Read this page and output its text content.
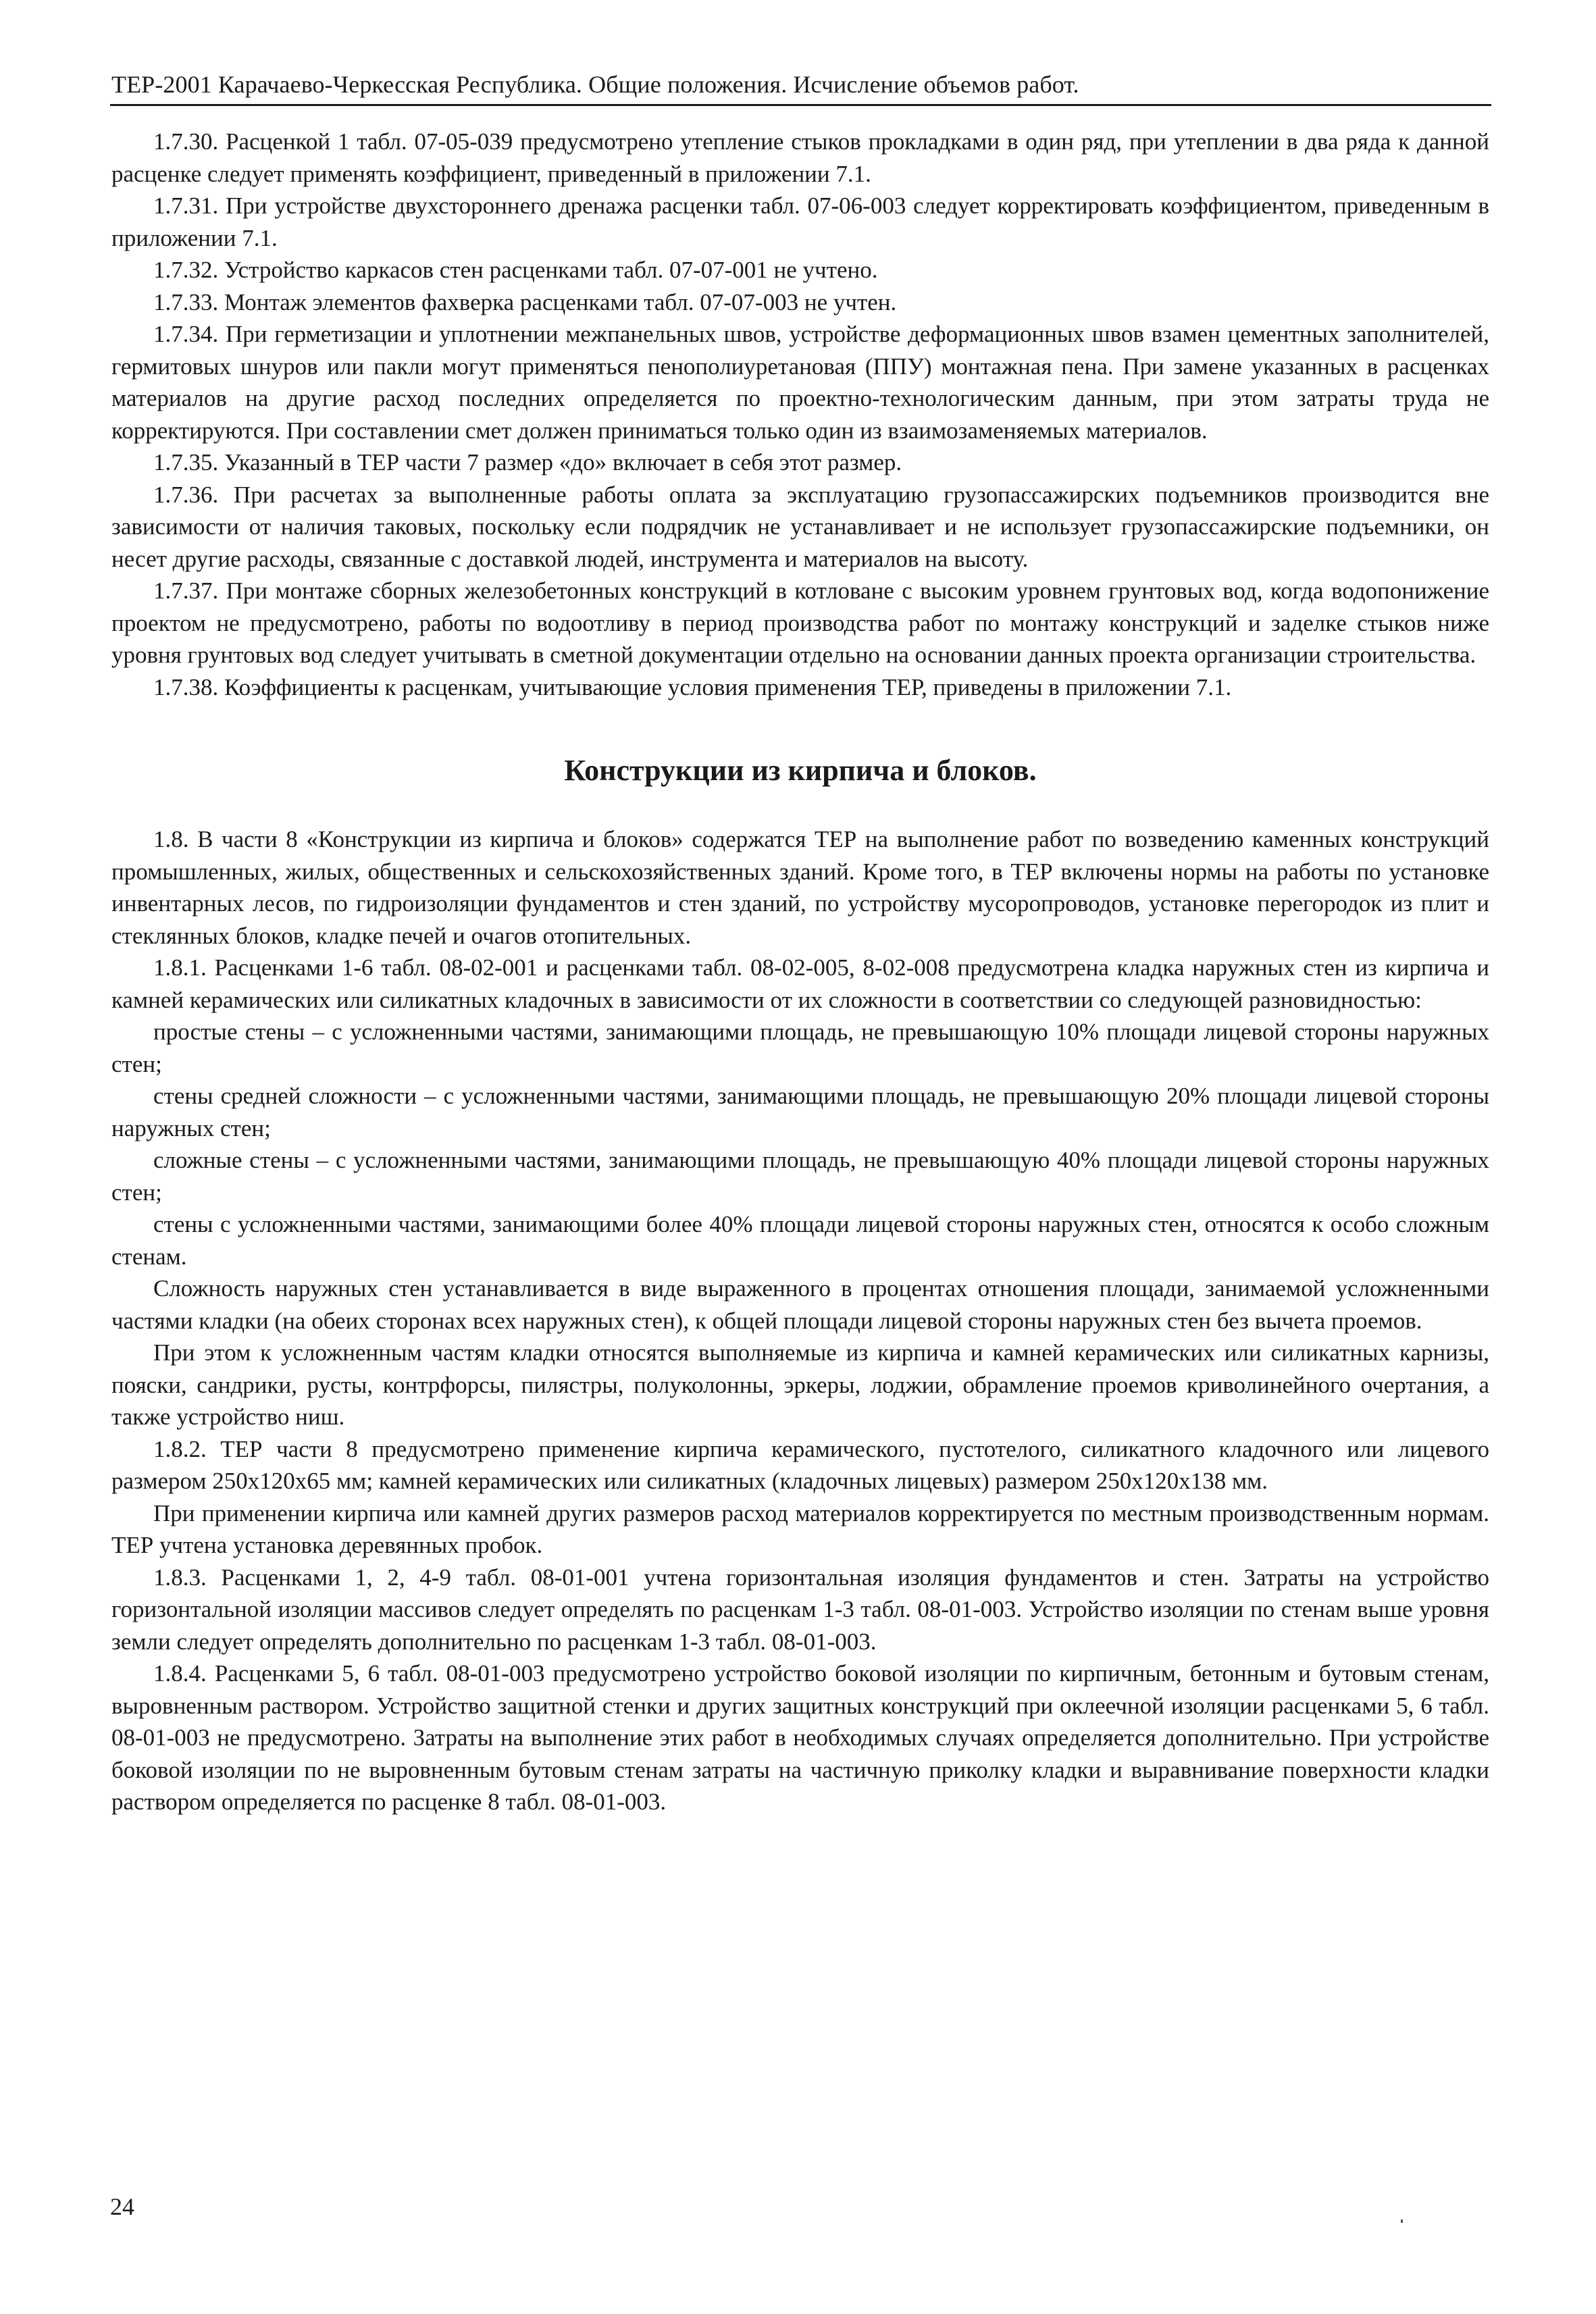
ТЕР-2001 Карачаево-Черкесская Республика. Общие положения. Исчисление объемов работ.

1.7.30. Расценкой 1 табл. 07-05-039 предусмотрено утепление стыков прокладками в один ряд, при утеплении в два ряда к данной расценке следует применять коэффициент, приведенный в приложении 7.1.

1.7.31. При устройстве двухстороннего дренажа расценки табл. 07-06-003 следует корректировать коэффициентом, приведенным в приложении 7.1.

1.7.32. Устройство каркасов стен расценками табл. 07-07-001 не учтено.

1.7.33. Монтаж элементов фахверка расценками табл. 07-07-003 не учтен.

1.7.34. При герметизации и уплотнении межпанельных швов, устройстве деформационных швов взамен цементных заполнителей, гермитовых шнуров или пакли могут применяться пенополиуретановая (ППУ) монтажная пена. При замене указанных в расценках материалов на другие расход последних определяется по проектно-технологическим данным, при этом затраты труда не корректируются. При составлении смет должен приниматься только один из взаимозаменяемых материалов.

1.7.35. Указанный в ТЕР части 7 размер «до» включает в себя этот размер.

1.7.36. При расчетах за выполненные работы оплата за эксплуатацию грузопассажирских подъемников производится вне зависимости от наличия таковых, поскольку если подрядчик не устанавливает и не использует грузопассажирские подъемники, он несет другие расходы, связанные с доставкой людей, инструмента и материалов на высоту.

1.7.37. При монтаже сборных железобетонных конструкций в котловане с высоким уровнем грунтовых вод, когда водопонижение проектом не предусмотрено, работы по водоотливу в период производства работ по монтажу конструкций и заделке стыков ниже уровня грунтовых вод следует учитывать в сметной документации отдельно на основании данных проекта организации строительства.

1.7.38. Коэффициенты к расценкам, учитывающие условия применения ТЕР, приведены в приложении 7.1.

Конструкции из кирпича и блоков.

1.8. В части 8 «Конструкции из кирпича и блоков» содержатся ТЕР на выполнение работ по возведению каменных конструкций промышленных, жилых, общественных и сельскохозяйственных зданий. Кроме того, в ТЕР включены нормы на работы по установке инвентарных лесов, по гидроизоляции фундаментов и стен зданий, по устройству мусоропроводов, установке перегородок из плит и стеклянных блоков, кладке печей и очагов отопительных.

1.8.1. Расценками 1-6 табл. 08-02-001 и расценками табл. 08-02-005, 8-02-008 предусмотрена кладка наружных стен из кирпича и камней керамических или силикатных кладочных в зависимости от их сложности в соответствии со следующей разновидностью:

простые стены – с усложненными частями, занимающими площадь, не превышающую 10% площади лицевой стороны наружных стен;

стены средней сложности – с усложненными частями, занимающими площадь, не превышающую 20% площади лицевой стороны наружных стен;

сложные стены – с усложненными частями, занимающими площадь, не превышающую 40% площади лицевой стороны наружных стен;

стены с усложненными частями, занимающими более 40% площади лицевой стороны наружных стен, относятся к особо сложным стенам.

Сложность наружных стен устанавливается в виде выраженного в процентах отношения площади, занимаемой усложненными частями кладки (на обеих сторонах всех наружных стен), к общей площади лицевой стороны наружных стен без вычета проемов.

При этом к усложненным частям кладки относятся выполняемые из кирпича и камней керамических или силикатных карнизы, пояски, сандрики, русты, контрфорсы, пилястры, полуколонны, эркеры, лоджии, обрамление проемов криволинейного очертания, а также устройство ниш.

1.8.2. ТЕР части 8 предусмотрено применение кирпича керамического, пустотелого, силикатного кладочного или лицевого размером 250х120х65 мм; камней керамических или силикатных (кладочных лицевых) размером 250х120х138 мм.

При применении кирпича или камней других размеров расход материалов корректируется по местным производственным нормам. ТЕР учтена установка деревянных пробок.

1.8.3. Расценками 1, 2, 4-9 табл. 08-01-001 учтена горизонтальная изоляция фундаментов и стен. Затраты на устройство горизонтальной изоляции массивов следует определять по расценкам 1-3 табл. 08-01-003. Устройство изоляции по стенам выше уровня земли следует определять дополнительно по расценкам 1-3 табл. 08-01-003.

1.8.4. Расценками 5, 6 табл. 08-01-003 предусмотрено устройство боковой изоляции по кирпичным, бетонным и бутовым стенам, выровненным раствором. Устройство защитной стенки и других защитных конструкций при оклеечной изоляции расценками 5, 6 табл. 08-01-003 не предусмотрено. Затраты на выполнение этих работ в необходимых случаях определяется дополнительно. При устройстве боковой изоляции по не выровненным бутовым стенам затраты на частичную приколку кладки и выравнивание поверхности кладки раствором определяется по расценке 8 табл. 08-01-003.

24
